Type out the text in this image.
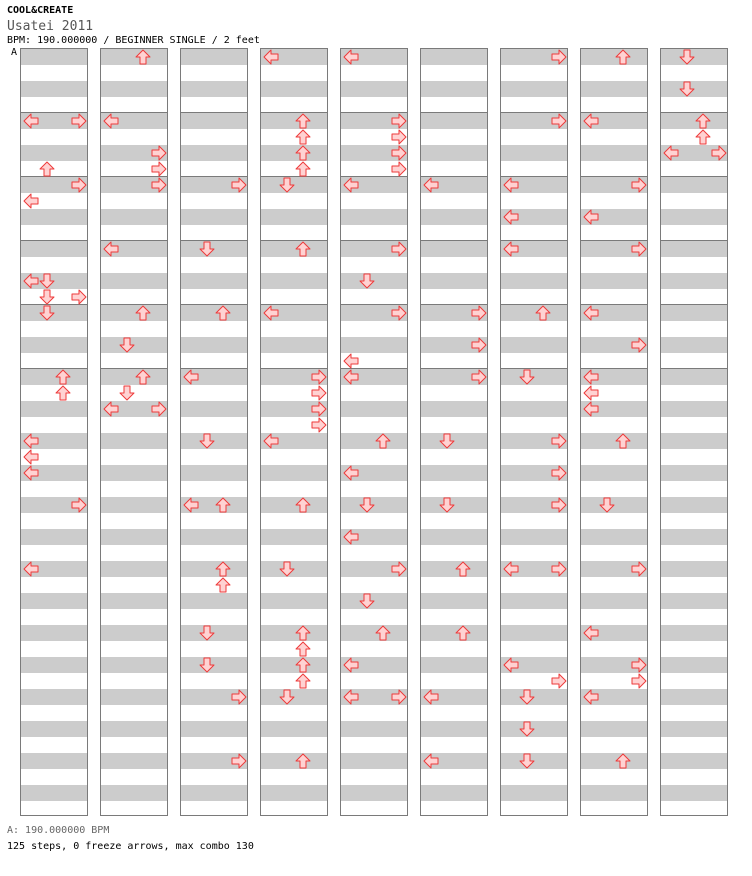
COOL&CREATE
Usatei 2011
BPM: 190.000000 / BEGINNER SINGLE / 2 feet
A
A: 190.000000 BPM
125 steps, 0 freeze arrows, max combo 130
